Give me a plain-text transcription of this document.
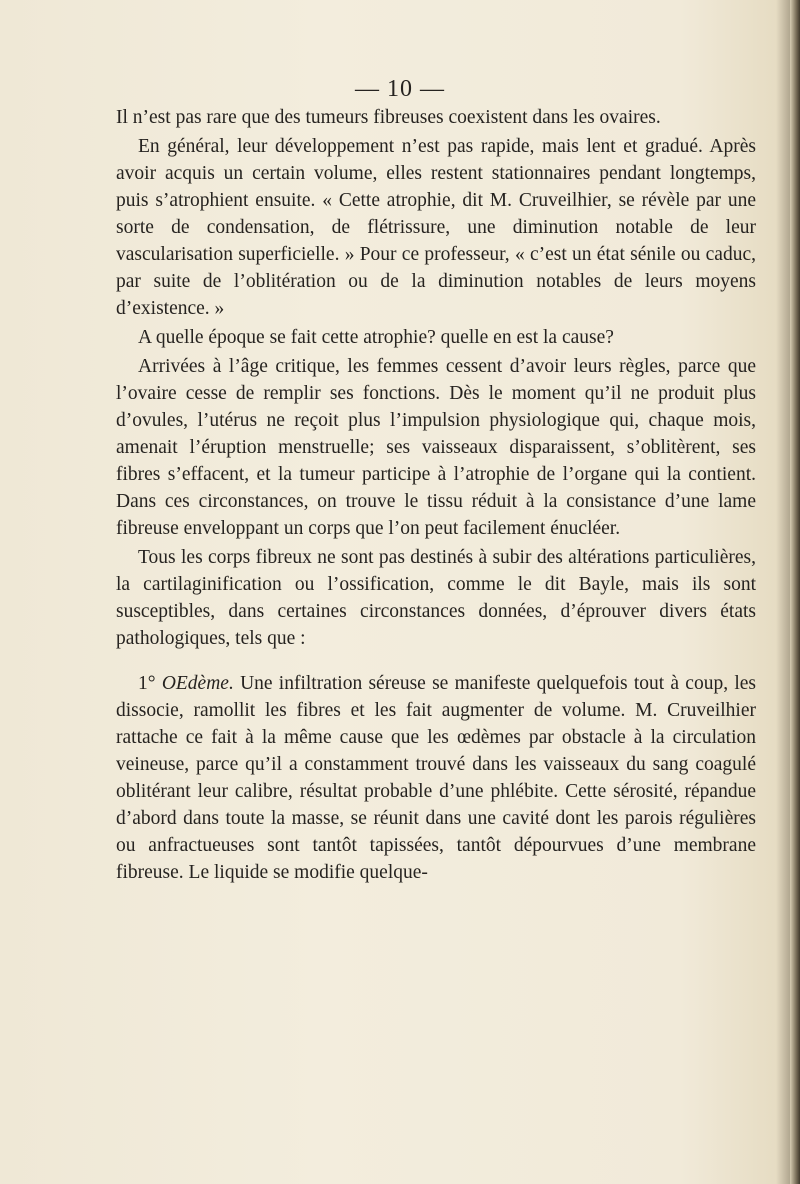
— 10 —

Il n’est pas rare que des tumeurs fibreuses coexistent dans les ovaires.

En général, leur développement n’est pas rapide, mais lent et gradué. Après avoir acquis un certain volume, elles restent stationnaires pendant longtemps, puis s’atrophient ensuite. « Cette atrophie, dit M. Cruveilhier, se révèle par une sorte de condensation, de flétrissure, une diminution notable de leur vascularisation superficielle. » Pour ce professeur, « c’est un état sénile ou caduc, par suite de l’oblitération ou de la diminution notables de leurs moyens d’existence. »

A quelle époque se fait cette atrophie? quelle en est la cause?

Arrivées à l’âge critique, les femmes cessent d’avoir leurs règles, parce que l’ovaire cesse de remplir ses fonctions. Dès le moment qu’il ne produit plus d’ovules, l’utérus ne reçoit plus l’impulsion physiologique qui, chaque mois, amenait l’éruption menstruelle; ses vaisseaux disparaissent, s’oblitèrent, ses fibres s’effacent, et la tumeur participe à l’atrophie de l’organe qui la contient. Dans ces circonstances, on trouve le tissu réduit à la consistance d’une lame fibreuse enveloppant un corps que l’on peut facilement énucléer.

Tous les corps fibreux ne sont pas destinés à subir des altérations particulières, la cartilaginification ou l’ossification, comme le dit Bayle, mais ils sont susceptibles, dans certaines circonstances données, d’éprouver divers états pathologiques, tels que :

1° OEdème. Une infiltration séreuse se manifeste quelquefois tout à coup, les dissocie, ramollit les fibres et les fait augmenter de volume. M. Cruveilhier rattache ce fait à la même cause que les œdèmes par obstacle à la circulation veineuse, parce qu’il a constamment trouvé dans les vaisseaux du sang coagulé oblitérant leur calibre, résultat probable d’une phlébite. Cette sérosité, répandue d’abord dans toute la masse, se réunit dans une cavité dont les parois régulières ou anfractueuses sont tantôt tapissées, tantôt dépourvues d’une membrane fibreuse. Le liquide se modifie quelque-
